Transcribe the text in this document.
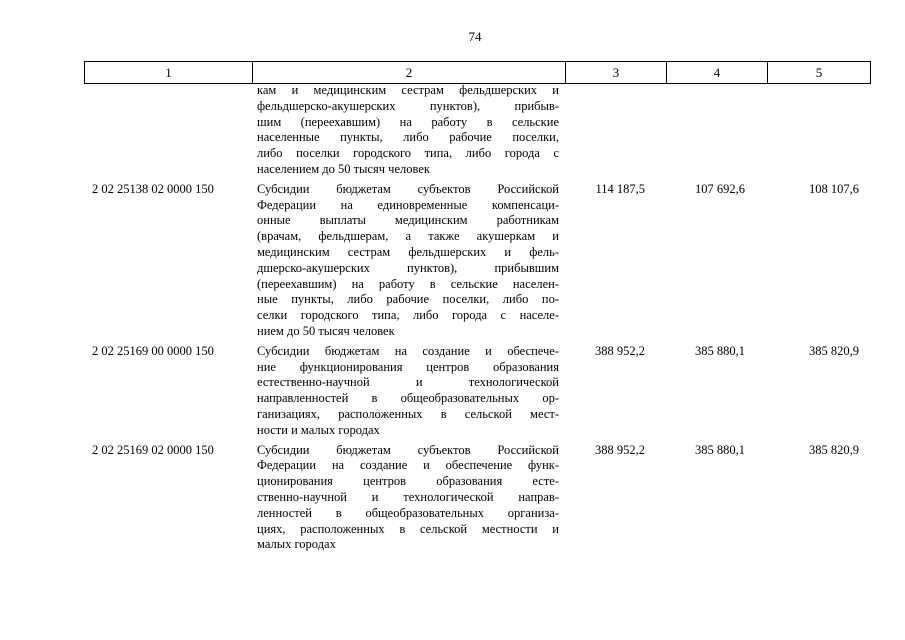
74
1	2	3	4	5
кам и медицинским сестрам фельдшерских и
фельдшерско-акушерских пунктов), прибыв-
шим (переехавшим) на работу в сельские
населенные пункты, либо рабочие поселки,
либо поселки городского типа, либо города с
населением до 50 тысяч человек
2 02 25138 02 0000 150	Субсидии бюджетам субъектов Российской
Федерации на единовременные компенсаци-
онные выплаты медицинским работникам
(врачам, фельдшерам, а также акушеркам и
медицинским сестрам фельдшерских и фель-
дшерско-акушерских пунктов), прибывшим
(переехавшим) на работу в сельские населен-
ные пункты, либо рабочие поселки, либо по-
селки городского типа, либо города с населе-
нием до 50 тысяч человек
114 187,5	107 692,6	108 107,6
2 02 25169 00 0000 150	Субсидии бюджетам на создание и обеспече-
ние функционирования центров образования
естественно-научной и технологической
направленностей в общеобразовательных ор-
ганизациях, расположенных в сельской мест-
ности и малых городах
388 952,2	385 880,1	385 820,9
2 02 25169 02 0000 150	Субсидии бюджетам субъектов Российской
Федерации на создание и обеспечение функ-
ционирования центров образования есте-
ственно-научной и технологической направ-
ленностей в общеобразовательных организа-
циях, расположенных в сельской местности и
малых городах
388 952,2	385 880,1	385 820,9
